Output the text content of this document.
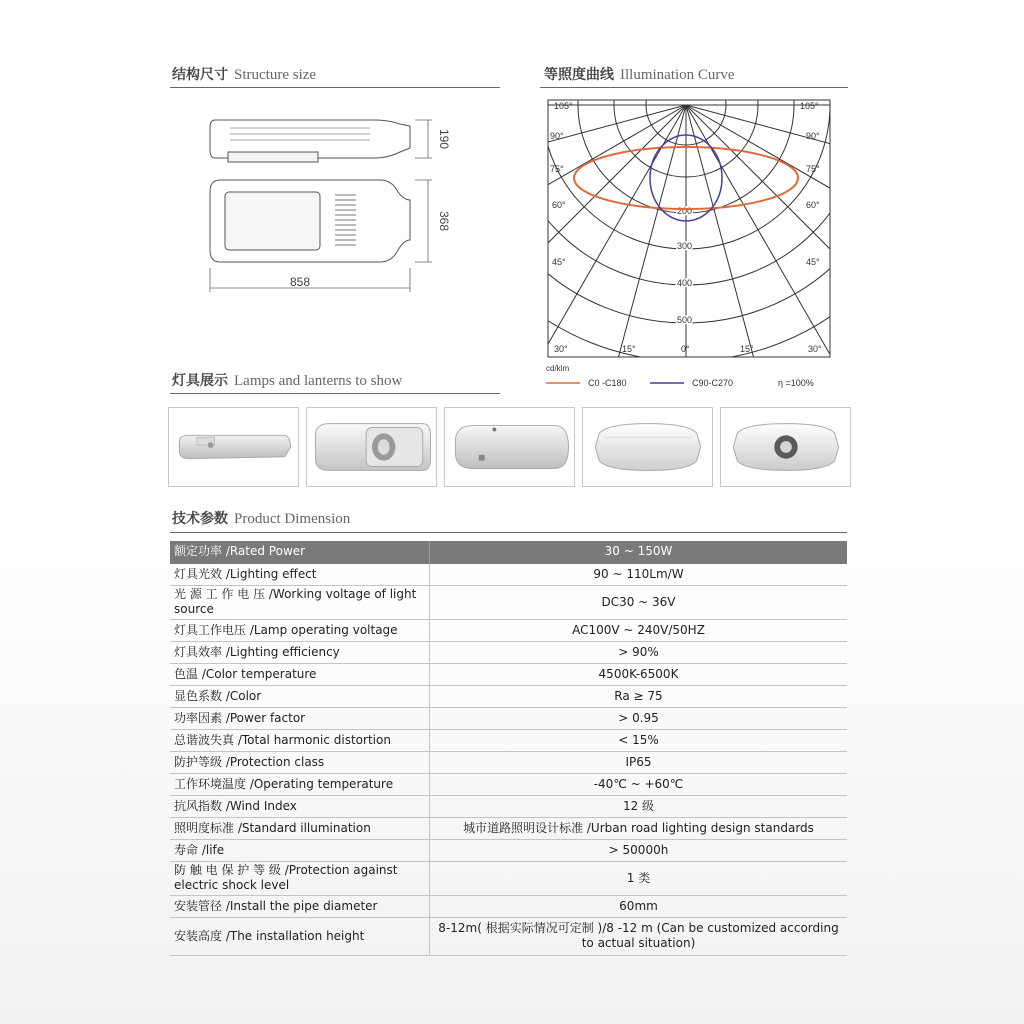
结构尺寸 Structure size	等照度曲线 Illumination Curve
190
368
858
105°	105°
90°	90°
75°	75°
60°	60°
45°	45°
30°	15°	0°	15°	30°
200
300
400
500
cd/klm
C0 -C180	C90-C270	η =100%
灯具展示 Lamps and lanterns to show
技术参数 Product Dimension
额定功率 /Rated Power	30 ~ 150W
灯具光效 /Lighting effect	90 ~ 110Lm/W
光 源 工 作 电 压 /Working voltage of light source	DC30 ~ 36V
灯具工作电压 /Lamp operating voltage	AC100V ~ 240V/50HZ
灯具效率 /Lighting efficiency	> 90%
色温 /Color temperature	4500K-6500K
显色系数 /Color	Ra ≥ 75
功率因素 /Power factor	> 0.95
总谐波失真 /Total harmonic distortion	< 15%
防护等级 /Protection class	IP65
工作环境温度 /Operating temperature	-40℃ ~ +60℃
抗风指数 /Wind Index	12 级
照明度标准 /Standard illumination	城市道路照明设计标准 /Urban road lighting design standards
寿命 /life	> 50000h
防 触 电 保 护 等 级 /Protection against electric shock level	1 类
安装管径 /Install the pipe diameter	60mm
安装高度 /The installation height	8-12m( 根据实际情况可定制 )/8 -12 m (Can be customized according to actual situation)
